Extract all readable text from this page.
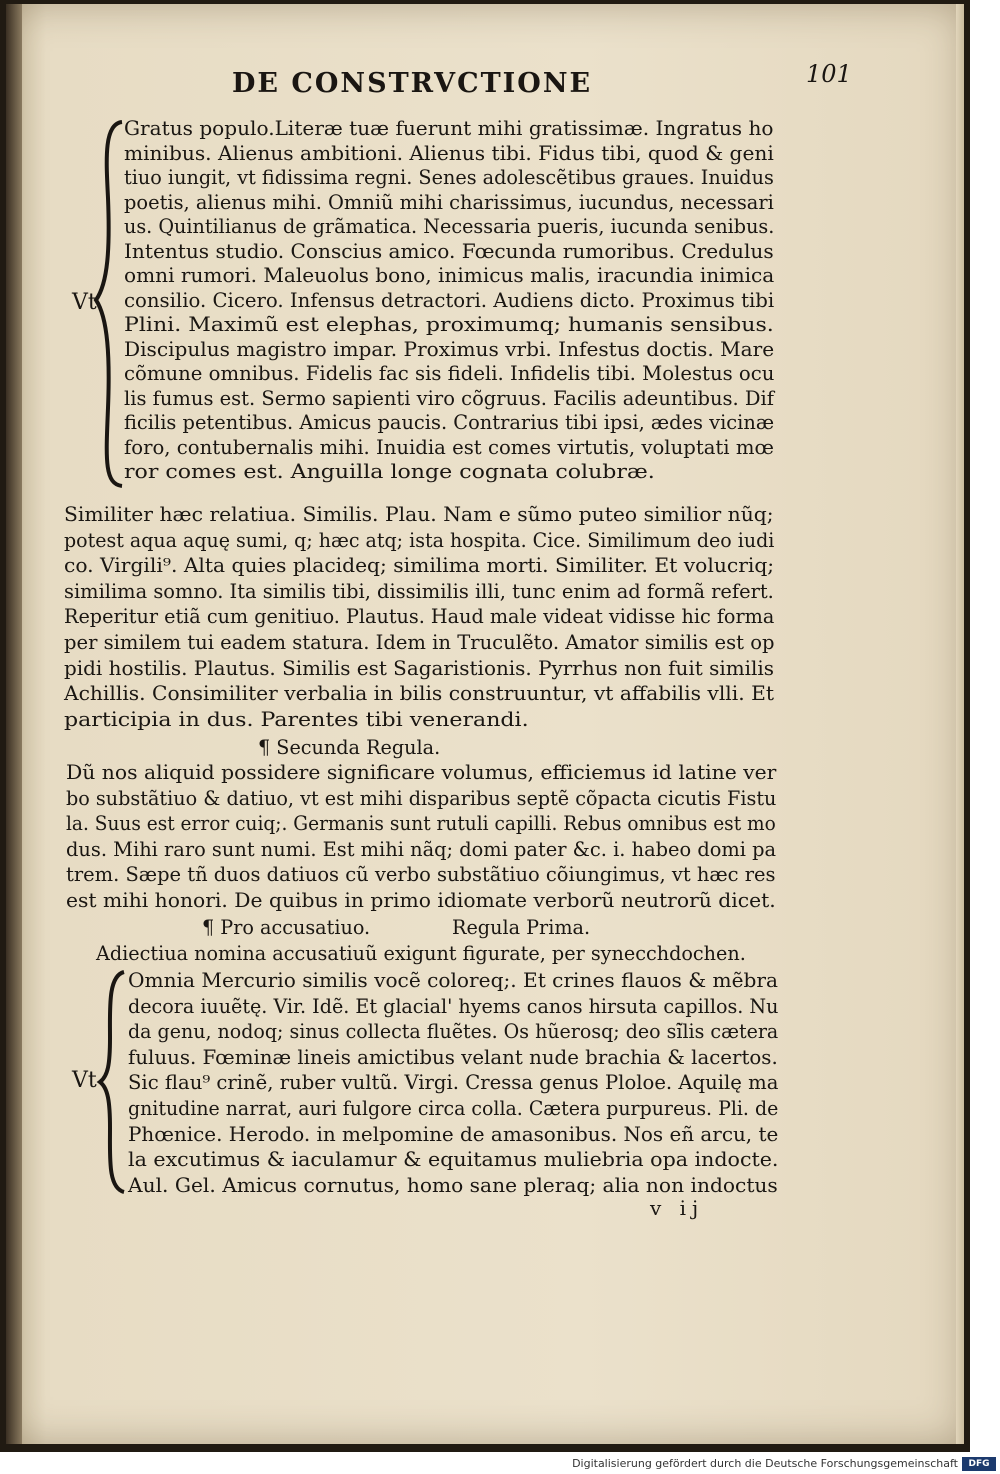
DE CONSTRVCTIONE	101
Vt
Gratus populo.Literæ tuæ fuerunt mihi gratissimæ. Ingratus ho
minibus. Alienus ambitioni. Alienus tibi. Fidus tibi, quod & geni
tiuo iungit, vt fidissima regni. Senes adolescẽtibus graues. Inuidus
poetis, alienus mihi. Omniũ mihi charissimus, iucundus, necessari
us. Quintilianus de grãmatica. Necessaria pueris, iucunda senibus.
Intentus studio. Conscius amico. Fœcunda rumoribus. Credulus
omni rumori. Maleuolus bono, inimicus malis, iracundia inimica
consilio. Cicero. Infensus detractori. Audiens dicto. Proximus tibi
Plini. Maximũ est elephas, proximumq; humanis sensibus.
Discipulus magistro impar. Proximus vrbi. Infestus doctis. Mare
cõmune omnibus. Fidelis fac sis fideli. Infidelis tibi. Molestus ocu
lis fumus est. Sermo sapienti viro cõgruus. Facilis adeuntibus. Dif
ficilis petentibus. Amicus paucis. Contrarius tibi ipsi, ædes vicinæ
foro, contubernalis mihi. Inuidia est comes virtutis, voluptati mœ
ror comes est. Anguilla longe cognata colubræ.
Similiter hæc relatiua. Similis. Plau. Nam e sũmo puteo similior nũq;
potest aqua aquę sumi, q; hæc atq; ista hospita. Cice. Similimum deo iudi
co. Virgili⁹. Alta quies placideq; similima morti. Similiter. Et volucriq;
similima somno. Ita similis tibi, dissimilis illi, tunc enim ad formã refert.
Reperitur etiã cum genitiuo. Plautus. Haud male videat vidisse hic forma
per similem tui eadem statura. Idem in Truculẽto. Amator similis est op
pidi hostilis. Plautus. Similis est Sagaristionis. Pyrrhus non fuit similis
Achillis. Consimiliter verbalia in bilis construuntur, vt affabilis vlli. Et
participia in dus. Parentes tibi venerandi.
¶ Secunda Regula.
Dũ nos aliquid possidere significare volumus, efficiemus id latine ver
bo substãtiuo & datiuo, vt est mihi disparibus septẽ cõpacta cicutis Fistu
la. Suus est error cuiq;. Germanis sunt rutuli capilli. Rebus omnibus est mo
dus. Mihi raro sunt numi. Est mihi nãq; domi pater &c. i. habeo domi pa
trem. Sæpe tñ duos datiuos cũ verbo substãtiuo cõiungimus, vt hæc res
est mihi honori. De quibus in primo idiomate verborũ neutrorũ dicet.
¶ Pro accusatiuo.	Regula Prima.
Adiectiua nomina accusatiuũ exigunt figurate, per synecchdochen.
Vt
Omnia Mercurio similis vocẽ coloreq;. Et crines flauos & mẽbra
decora iuuẽtę. Vir. Idẽ. Et glacial' hyems canos hirsuta capillos. Nu
da genu, nodoq; sinus collecta fluẽtes. Os hũerosq; deo si̇̃lis cætera
fuluus. Fœminæ lineis amictibus velant nude brachia & lacertos.
Sic flau⁹ crinẽ, ruber vultũ. Virgi. Cressa genus Ploloe. Aquilę ma
gnitudine narrat, auri fulgore circa colla. Cætera purpureus. Pli. de
Phœnice. Herodo. in melpomine de amasonibus. Nos eñ arcu, te
la excutimus & iaculamur & equitamus muliebria opa indocte.
Aul. Gel. Amicus cornutus, homo sane pleraq; alia non indoctus
v ij
Digitalisierung gefördert durch die Deutsche Forschungsgemeinschaft	DFG
